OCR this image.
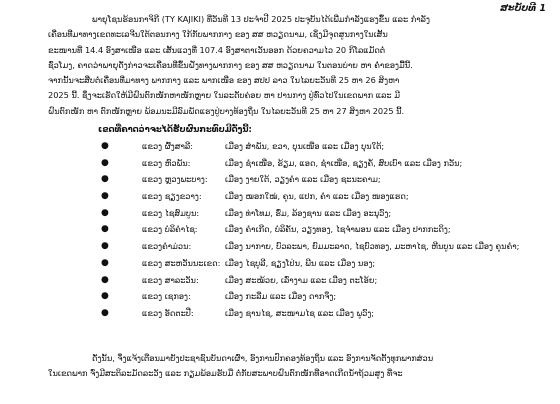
ສະບັບທີ 1

ພາຍຸໂຊນຮ້ອນກາຈິກີ (TY KAJIKI) ທີ່ວັນທີ 13 ປະຈໍາປີ 2025 ປະຈຸບັນໄດ້ເພີ່ມກໍາລັງແຮງຂຶ້ນ ແລະ ກໍາລັງ

ເຄື່ອນທີ່ມາທາງເຂດທະເລຈີນໃຕ້ຕອນກາງ ໃກ້ກັບພາກກາງ ຂອງ ສສ ຫວຽດນາມ, ເຊິ່ງມີຈຸດສູນກາງໃນເສັ້ນ

ຂະໜານທີ່ 14.4 ອົງສາເໜືອ ແລະ ເສັ້ນແວງທີ່ 107.4 ອົງສາຕາເວັນອອກ ດ້ວຍຄວາມໄວ 20 ກິໂລແມັດຕໍ່

ຊົ່ວໂມງ, ຄາດວ່າພາຍຸດັ່ງກ່າວຈະເຄື່ອນທີ່ຂຶ້ນຝັ່ງທາງພາກກາງ ຂອງ ສສ ຫວຽດນາມ ໃນຕອນບ່າຍ ຫາ ຄໍ່າຂອງມື້ນີ້.

ຈາກນັ້ນຈະສືບຕໍ່ເຄື່ອນທີ່ມາທາງ ພາກກາງ ແລະ ພາກເໜືອ ຂອງ ສປປ ລາວ ໃນໄລຍະວັນທີ 25 ຫາ 26 ສິງຫາ

2025 ນີ້. ຊຶ່ງຈະເຮັດໃຫ້ມີຝົນຕົກໜັກຫາໜັກຫຼາຍ ໃນລະດັບຄ່ອຍ ຫາ ປານກາງ ປູ່ທົ່ວໄປໃນເຂດພາກ ແລະ ມີ

ຝົນຕົກໜັກ ຫາ ຕົກໜັກຫຼາຍ ພ້ອມນະມີລົມພັດແຮງປູ່ບາງທ້ອງຖິ່ນ ໃນໄລຍະວັນທີ 25 ຫາ 27 ສິງຫາ 2025 ນີ້.

ເຂດທີ່ຄາດວ່າຈະໄດ້ຮັບຜົນກະທົບມີດັ່ງນີ້:
●	ແຂວງ ຜົ້ງສາລີ:	ເມືອງ ສໍາພັນ, ຂວາ, ບຸນເໜືອ ແລະ ເມືອງ ບຸນໃຕ້;
●	ແຂວງ ຫົວພັນ:	ເມືອງ ຊໍາເໜືອ, ຮ້ຽມ, ແອດ, ຊໍາເໜືອ, ຊຽງຄໍ້, ສົບເບົາ ແລະ ເມືອງ ກວັນ;
●	ແຂວງ ຫຼວງພະບາງ: ເມືອງ ງາຍໃຕ້, ວຽງຄໍາ ແລະ ເມືອງ ຊະນະຄາມ;
●	ແຂວງ ຊຽງຂວາງ:	ເມືອງ ໝອກໃໝ່, ຄູນ, ແປກ, ຄໍາ ແລະ ເມືອງ ໜອງແຮດ;
●	ແຂວງ ໄຊສົມບູນ:	ເມືອງ ທ່າໂທມ, ຮົ່ມ, ລ້ອງຊານ ແລະ ເມືອງ ອະນຸວົງ;
●	ແຂວງ ບໍລິຄໍາໄຊ:	ເມືອງ ຄໍາເກີດ, ບໍລິຄັນ, ວຽງທອງ, ໄຊຈໍາພອນ ແລະ ເມືອງ ປາກກະດິງ;
●	ແຂວງຄໍາມ່ວນ:	ເມືອງ ນາກາຍ, ບົວລະພາ, ຍົມມະລາດ, ໄຊບົວທອງ, ມະຫາໄຊ, ຫີນບູນ ແລະ ເມືອງ ຄູນຄໍາ;
●	ແຂວງ ສະຫວັນນະເຂດ: ເມືອງ ໄຊບູລີ, ຊຽງໂປ່ນ, ພີນ ແລະ ເມືອງ ນອງ;
●	ແຂວງ ສາລະວັນ:	ເມືອງ ສະໝ້ວຍ, ເລົ່າງາມ ແລະ ເມືອງ ຕະໂອ້ຍ;
●	ແຂວງ ເຊກອງ:	ເມືອງ ກະລືມ ແລະ ເມືອງ ດາກຈຶງ;
●	ແຂວງ ອັດຕະປື:	ເມືອງ ຊານໄຊ, ສະໜາມໄຊ ແລະ ເມືອງ ພູວົງ;

ດັ່ງນັ້ນ, ຈຶ່ງແຈ້ງເຕືອນມາຍັງປະຊາຊົນບັນດາເຜົ່າ, ອົງການປົກຄອງທ້ອງຖິ່ນ ແລະ ອົງການຈັດຕັ້ງທຸກພາກສ່ວນ

ໃນເຂດພາກ ຈົ່ງມີສະຕິລະມັດລະວັງ ແລະ ກຽມພ້ອມຮັບມື ຕໍ່ກັບສະພາບຝົນຕົກໜັກທີ່ອາດເກີດນໍ້າຖ້ວມສູງ ທີ່ຈະ
